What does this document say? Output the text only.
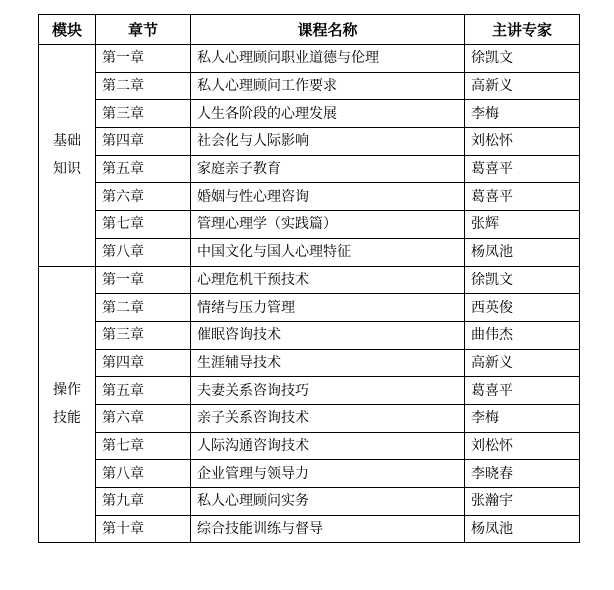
模块	章节	课程名称	主讲专家

基础
知识	第一章	私人心理顾问职业道德与伦理	徐凯文
	第二章	私人心理顾问工作要求	高新义
	第三章	人生各阶段的心理发展	李梅
	第四章	社会化与人际影响	刘松怀
	第五章	家庭亲子教育	葛喜平
	第六章	婚姻与性心理咨询	葛喜平
	第七章	管理心理学（实践篇）	张辉
	第八章	中国文化与国人心理特征	杨凤池

操作
技能	第一章	心理危机干预技术	徐凯文
	第二章	情绪与压力管理	西英俊
	第三章	催眠咨询技术	曲伟杰
	第四章	生涯辅导技术	高新义
	第五章	夫妻关系咨询技巧	葛喜平
	第六章	亲子关系咨询技术	李梅
	第七章	人际沟通咨询技术	刘松怀
	第八章	企业管理与领导力	李晓春
	第九章	私人心理顾问实务	张瀚宇
	第十章	综合技能训练与督导	杨凤池
